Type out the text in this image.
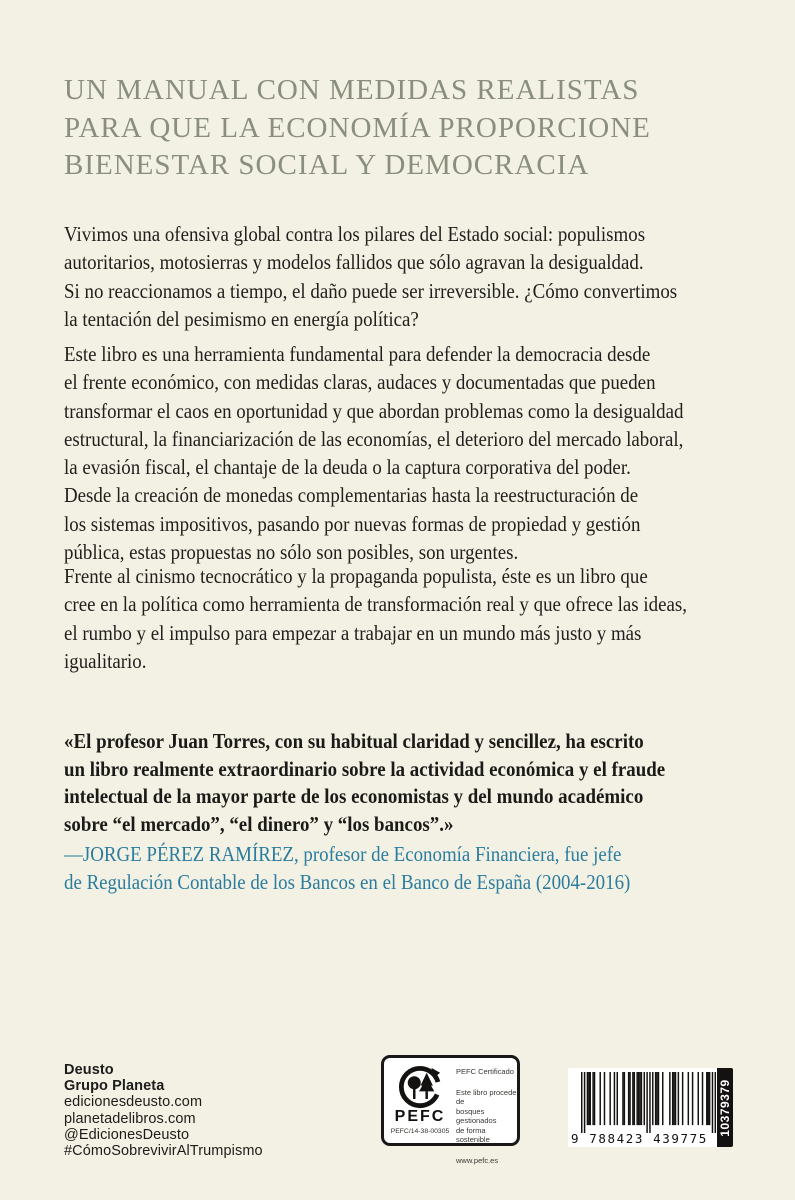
UN MANUAL CON MEDIDAS REALISTAS
PARA QUE LA ECONOMÍA PROPORCIONE
BIENESTAR SOCIAL Y DEMOCRACIA
Vivimos una ofensiva global contra los pilares del Estado social: populismos
autoritarios, motosierras y modelos fallidos que sólo agravan la desigualdad.
Si no reaccionamos a tiempo, el daño puede ser irreversible. ¿Cómo convertimos
la tentación del pesimismo en energía política?
Este libro es una herramienta fundamental para defender la democracia desde
el frente económico, con medidas claras, audaces y documentadas que pueden
transformar el caos en oportunidad y que abordan problemas como la desigualdad
estructural, la financiarización de las economías, el deterioro del mercado laboral,
la evasión fiscal, el chantaje de la deuda o la captura corporativa del poder.
Desde la creación de monedas complementarias hasta la reestructuración de
los sistemas impositivos, pasando por nuevas formas de propiedad y gestión
pública, estas propuestas no sólo son posibles, son urgentes.
Frente al cinismo tecnocrático y la propaganda populista, éste es un libro que
cree en la política como herramienta de transformación real y que ofrece las ideas,
el rumbo y el impulso para empezar a trabajar en un mundo más justo y más
igualitario.
«El profesor Juan Torres, con su habitual claridad y sencillez, ha escrito
un libro realmente extraordinario sobre la actividad económica y el fraude
intelectual de la mayor parte de los economistas y del mundo académico
sobre “el mercado”, “el dinero” y “los bancos”.»
—JORGE PÉREZ RAMÍREZ, profesor de Economía Financiera, fue jefe
de Regulación Contable de los Bancos en el Banco de España (2004-2016)
Deusto
Grupo Planeta
edicionesdeusto.com
planetadelibros.com
@EdicionesDeusto
#CómoSobrevivirAlTrumpismo
PEFC
PEFC/14-38-00305
PEFC Certificado
Este libro procede de
bosques gestionados
de forma sostenible
www.pefc.es
9 788423 439775
10379379
